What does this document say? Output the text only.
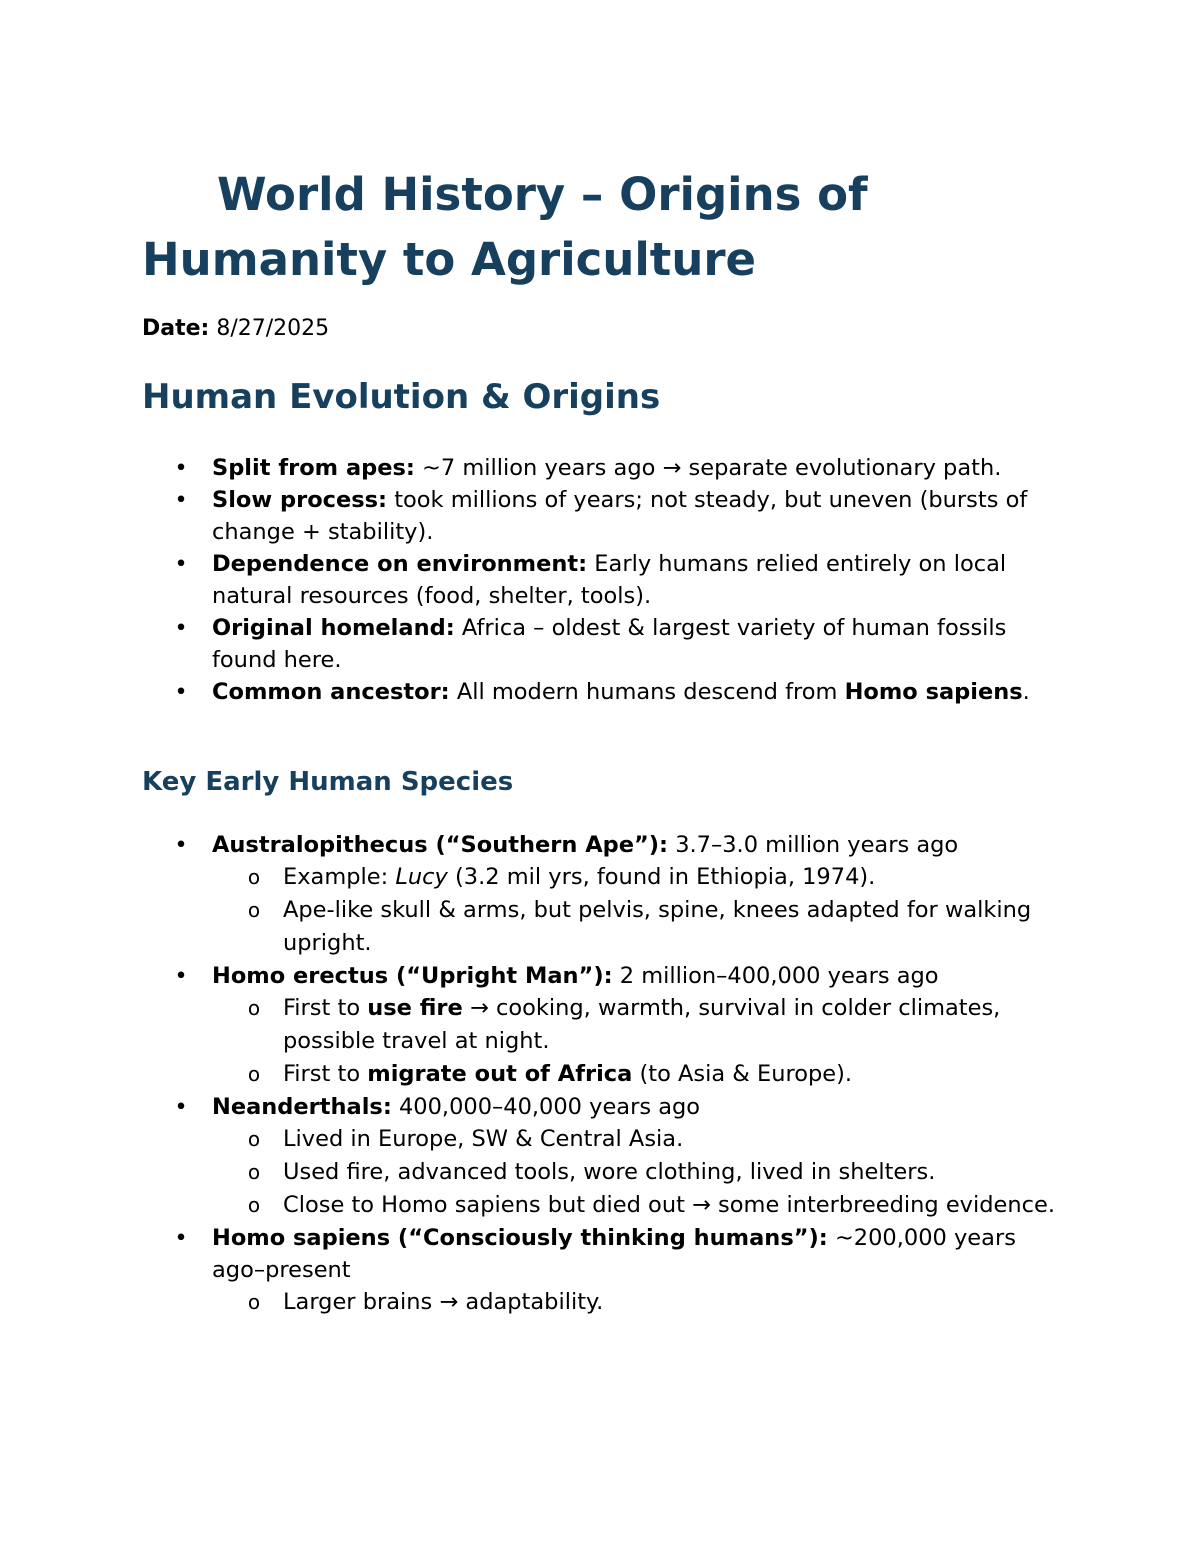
World History – Origins of Humanity to Agriculture
Date: 8/27/2025
Human Evolution & Origins
• Split from apes: ~7 million years ago → separate evolutionary path.
• Slow process: took millions of years; not steady, but uneven (bursts of change + stability).
• Dependence on environment: Early humans relied entirely on local natural resources (food, shelter, tools).
• Original homeland: Africa – oldest & largest variety of human fossils found here.
• Common ancestor: All modern humans descend from Homo sapiens.
Key Early Human Species
• Australopithecus (“Southern Ape”): 3.7–3.0 million years ago
o Example: Lucy (3.2 mil yrs, found in Ethiopia, 1974).
o Ape-like skull & arms, but pelvis, spine, knees adapted for walking upright.
• Homo erectus (“Upright Man”): 2 million–400,000 years ago
o First to use fire → cooking, warmth, survival in colder climates, possible travel at night.
o First to migrate out of Africa (to Asia & Europe).
• Neanderthals: 400,000–40,000 years ago
o Lived in Europe, SW & Central Asia.
o Used fire, advanced tools, wore clothing, lived in shelters.
o Close to Homo sapiens but died out → some interbreeding evidence.
• Homo sapiens (“Consciously thinking humans”): ~200,000 years ago–present
o Larger brains → adaptability.
